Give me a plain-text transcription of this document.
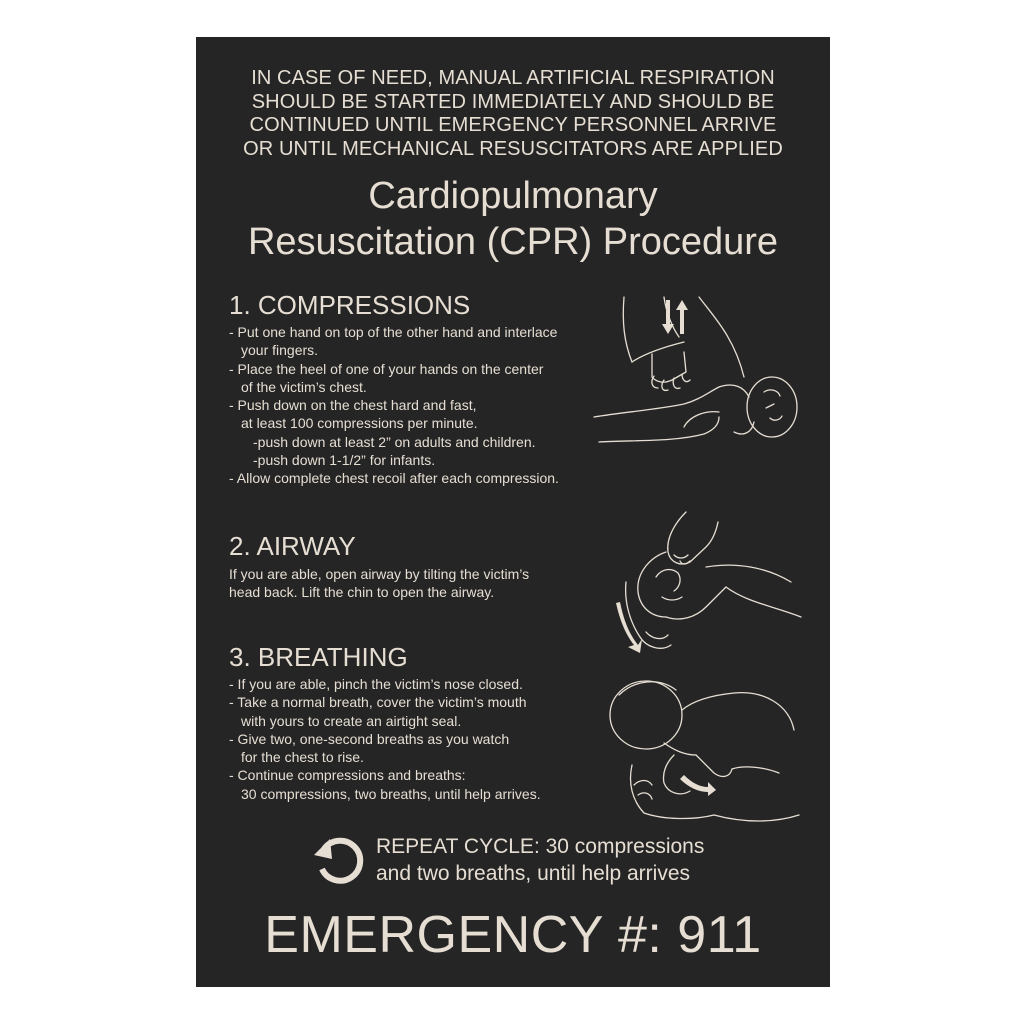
IN CASE OF NEED, MANUAL ARTIFICIAL RESPIRATION
SHOULD BE STARTED IMMEDIATELY AND SHOULD BE
CONTINUED UNTIL EMERGENCY PERSONNEL ARRIVE
OR UNTIL MECHANICAL RESUSCITATORS ARE APPLIED
Cardiopulmonary
Resuscitation (CPR) Procedure
1. COMPRESSIONS
- Put one hand on top of the other hand and interlace
your fingers.
- Place the heel of one of your hands on the center
of the victim’s chest.
- Push down on the chest hard and fast,
at least 100 compressions per minute.
-push down at least 2” on adults and children.
-push down 1-1/2” for infants.
- Allow complete chest recoil after each compression.
2. AIRWAY
If you are able, open airway by tilting the victim’s
head back. Lift the chin to open the airway.
3. BREATHING
- If you are able, pinch the victim’s nose closed.
- Take a normal breath, cover the victim’s mouth
with yours to create an airtight seal.
- Give two, one-second breaths as you watch
for the chest to rise.
- Continue compressions and breaths:
30 compressions, two breaths, until help arrives.
REPEAT CYCLE: 30 compressions
and two breaths, until help arrives
EMERGENCY #: 911
